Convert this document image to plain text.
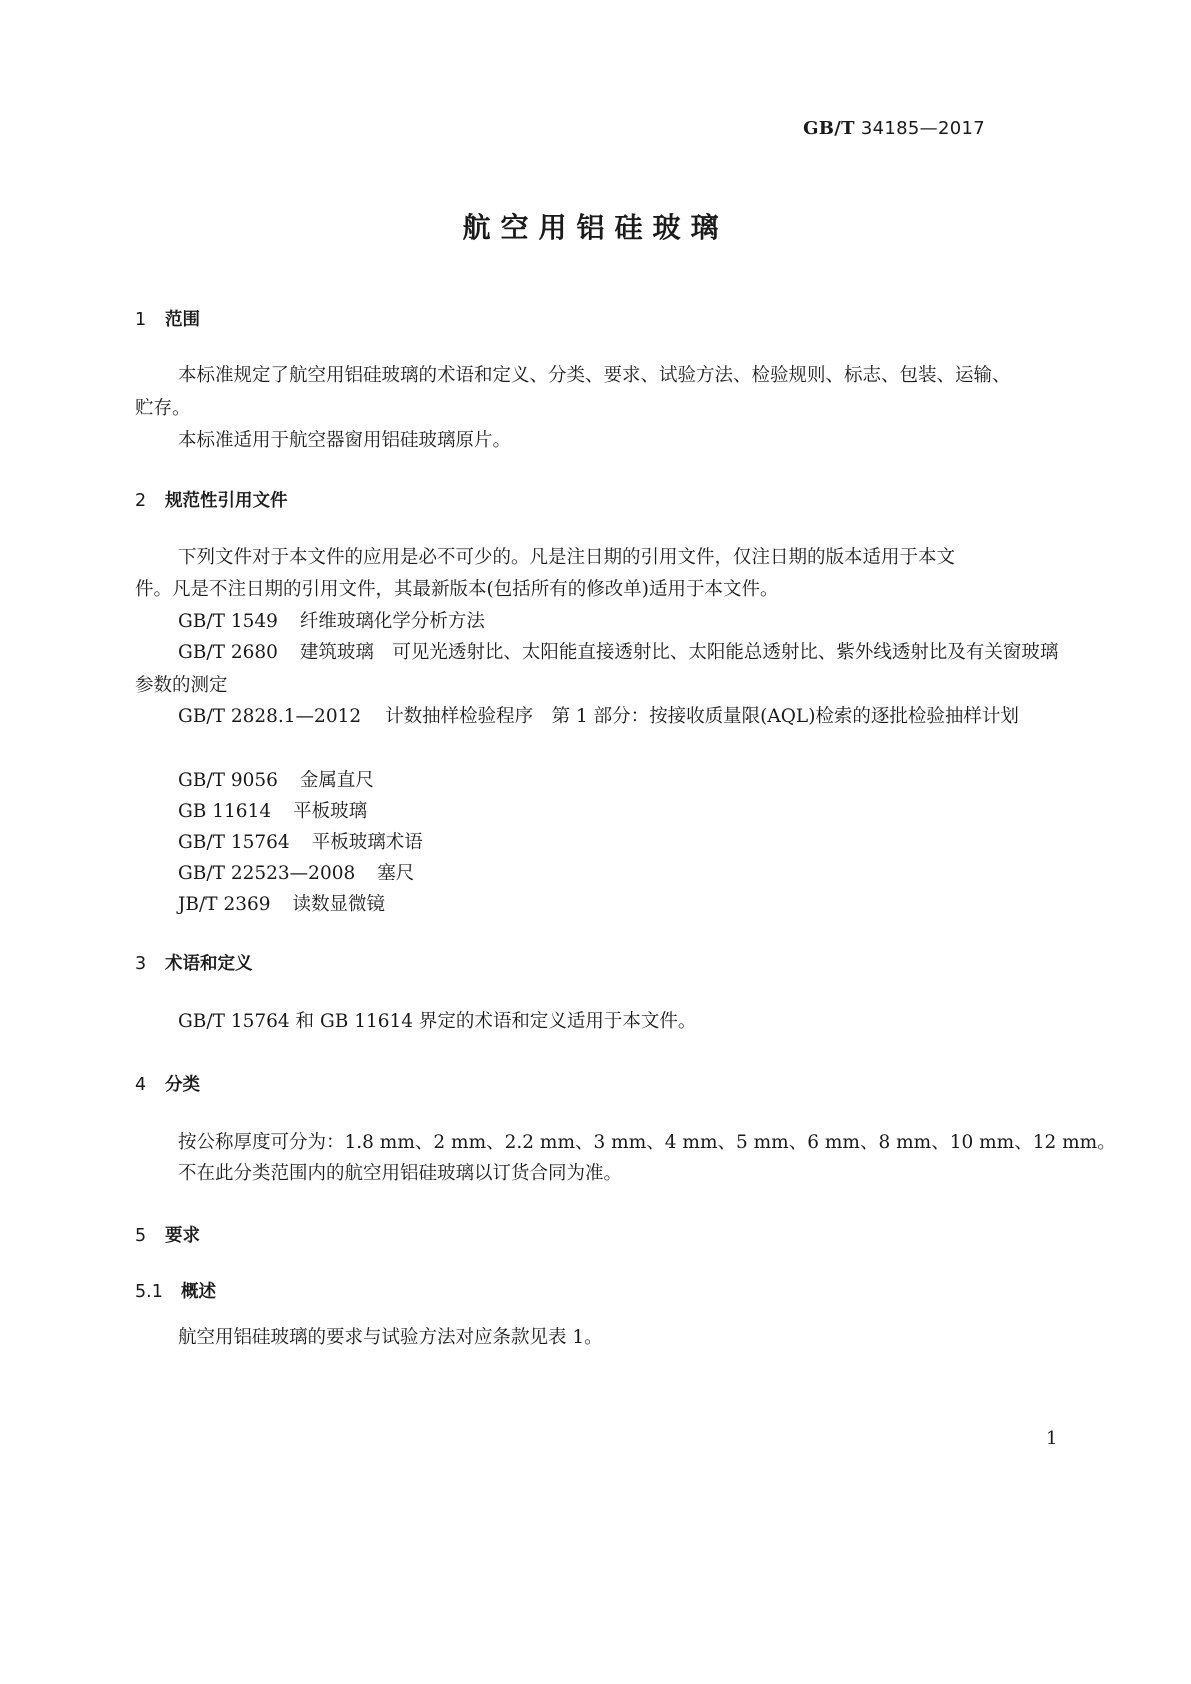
GB/T 34185—2017

航空用铝硅玻璃
1 范围

本标准规定了航空用铝硅玻璃的术语和定义、分类、要求、试验方法、检验规则、标志、包装、运输、

贮存。

本标准适用于航空器窗用铝硅玻璃原片。

2 规范性引用文件

下列文件对于本文件的应用是必不可少的。凡是注日期的引用文件，仅注日期的版本适用于本文

件。凡是不注日期的引用文件，其最新版本(包括所有的修改单)适用于本文件。

GB/T 1549 纤维玻璃化学分析方法

GB/T 2680 建筑玻璃　可见光透射比、太阳能直接透射比、太阳能总透射比、紫外线透射比及有关窗玻璃参数的测定

GB/T 2828.1—2012 计数抽样检验程序　第 1 部分：按接收质量限(AQL)检索的逐批检验抽样计划

GB/T 9056 金属直尺

GB 11614 平板玻璃

GB/T 15764 平板玻璃术语

GB/T 22523—2008 塞尺

JB/T 2369 读数显微镜

3 术语和定义

GB/T 15764 和 GB 11614 界定的术语和定义适用于本文件。

4 分类

按公称厚度可分为：1.8 mm、2 mm、2.2 mm、3 mm、4 mm、5 mm、6 mm、8 mm、10 mm、12 mm。

不在此分类范围内的航空用铝硅玻璃以订货合同为准。

5 要求
5.1 概述

航空用铝硅玻璃的要求与试验方法对应条款见表 1。

1
